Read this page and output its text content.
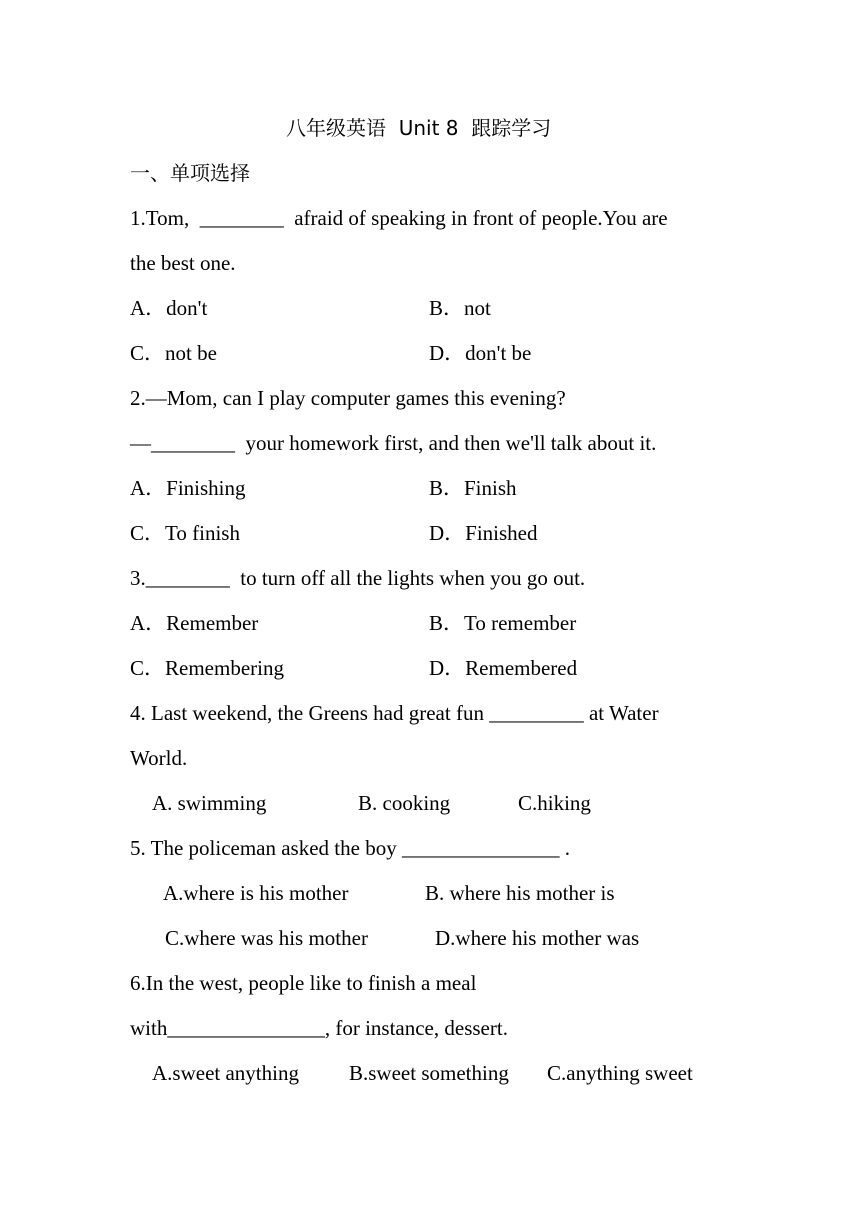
八年级英语  Unit 8  跟踪学习
一、单项选择
1.Tom,  ________  afraid of speaking in front of people.You are
the best one.
A．don't	B．not
C．not be	D．don't be
2.—Mom, can I play computer games this evening?
—________  your homework first, and then we'll talk about it.
A．Finishing	B．Finish
C．To finish	D．Finished
3.________  to turn off all the lights when you go out.
A．Remember	B．To remember
C．Remembering	D．Remembered
4. Last weekend, the Greens had great fun _________ at Water
World.
A. swimming	B. cooking	C.hiking
5. The policeman asked the boy _______________ .
A.where is his mother	B. where his mother is
C.where was his mother	D.where his mother was
6.In the west, people like to finish a meal
with_______________, for instance, dessert.
A.sweet anything B.sweet something C.anything sweet
